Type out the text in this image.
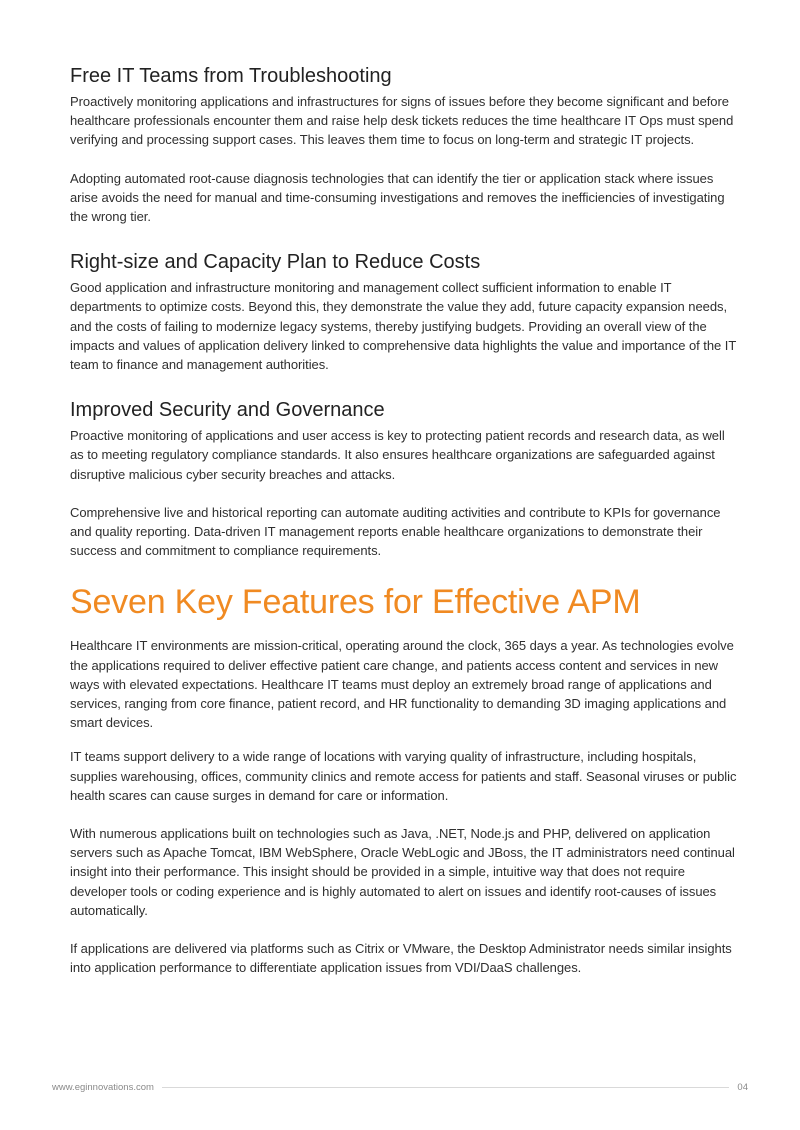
Free IT Teams from Troubleshooting

Proactively monitoring applications and infrastructures for signs of issues before they become significant and before healthcare professionals encounter them and raise help desk tickets reduces the time healthcare IT Ops must spend verifying and processing support cases. This leaves them time to focus on long-term and strategic IT projects.

Adopting automated root-cause diagnosis technologies that can identify the tier or application stack where issues arise avoids the need for manual and time-consuming investigations and removes the inefficiencies of investigating the wrong tier.

Right-size and Capacity Plan to Reduce Costs

Good application and infrastructure monitoring and management collect sufficient information to enable IT departments to optimize costs. Beyond this, they demonstrate the value they add, future capacity expansion needs, and the costs of failing to modernize legacy systems, thereby justifying budgets. Providing an overall view of the impacts and values of application delivery linked to comprehensive data highlights the value and importance of the IT team to finance and management authorities.

Improved Security and Governance

Proactive monitoring of applications and user access is key to protecting patient records and research data, as well as to meeting regulatory compliance standards. It also ensures healthcare organizations are safeguarded against disruptive malicious cyber security breaches and attacks.

Comprehensive live and historical reporting can automate auditing activities and contribute to KPIs for governance and quality reporting. Data-driven IT management reports enable healthcare organizations to demonstrate their success and commitment to compliance requirements.

Seven Key Features for Effective APM

Healthcare IT environments are mission-critical, operating around the clock, 365 days a year. As technologies evolve the applications required to deliver effective patient care change, and patients access content and services in new ways with elevated expectations. Healthcare IT teams must deploy an extremely broad range of applications and services, ranging from core finance, patient record, and HR functionality to demanding 3D imaging applications and smart devices.

IT teams support delivery to a wide range of locations with varying quality of infrastructure, including hospitals, supplies warehousing, offices, community clinics and remote access for patients and staff. Seasonal viruses or public health scares can cause surges in demand for care or information.

With numerous applications built on technologies such as Java, .NET, Node.js and PHP, delivered on application servers such as Apache Tomcat, IBM WebSphere, Oracle WebLogic and JBoss, the IT administrators need continual insight into their performance. This insight should be provided in a simple, intuitive way that does not require developer tools or coding experience and is highly automated to alert on issues and identify root-causes of issues automatically.

If applications are delivered via platforms such as Citrix or VMware, the Desktop Administrator needs similar insights into application performance to differentiate application issues from VDI/DaaS challenges.

www.eginnovations.com	04
